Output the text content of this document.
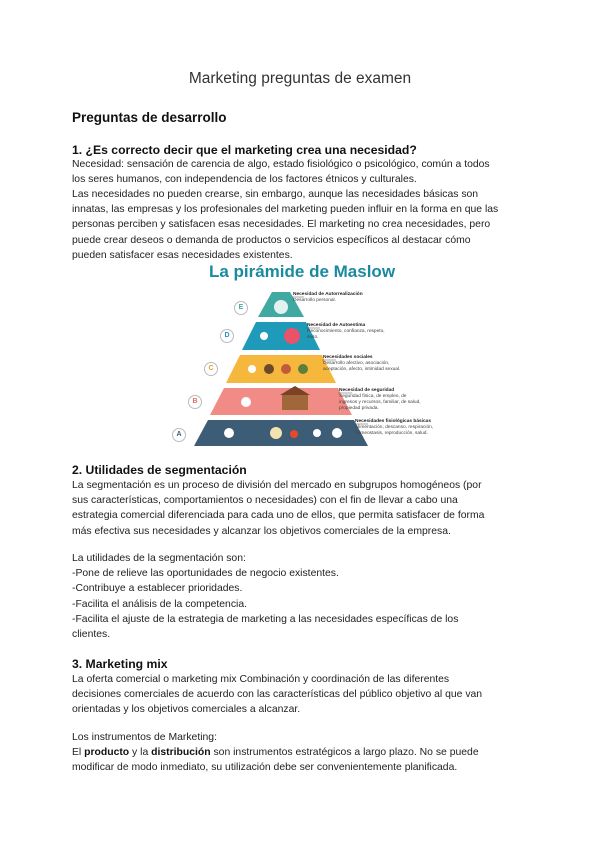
Marketing preguntas de examen
Preguntas de desarrollo
1. ¿Es correcto decir que el marketing crea una necesidad?

Necesidad: sensación de carencia de algo, estado fisiológico o psicológico, común a todos
los seres humanos, con independencia de los factores étnicos y culturales.

Las necesidades no pueden crearse, sin embargo, aunque las necesidades básicas son
innatas, las empresas y los profesionales del marketing pueden influir en la forma en que las
personas perciben y satisfacen esas necesidades. El marketing no crea necesidades, pero
puede crear deseos o demanda de productos o servicios específicos al destacar cómo
pueden satisfacer esas necesidades existentes.

La pirámide de Maslow
E
D
C
B
A
Necesidad de Autorrealización
Desarrollo personal.
Necesidad de Autoestima
Reconocimiento, confianza, respeto, éxito.
Necesidades sociales
Desarrollo afectivo, asociación, aceptación, afecto, intimidad sexual.
Necesidad de seguridad
Seguridad física, de empleo, de ingresos y recursos, familiar, de salud, propiedad privada.
Necesidades fisiológicas básicas
Alimentación, descanso, respiración, homeostasis, reproducción, salud.
2. Utilidades de segmentación

La segmentación es un proceso de división del mercado en subgrupos homogéneos (por
sus características, comportamientos o necesidades) con el fin de llevar a cabo una
estrategia comercial diferenciada para cada uno de ellos, que permita satisfacer de forma
más efectiva sus necesidades y alcanzar los objetivos comerciales de la empresa.

La utilidades de la segmentación son:
-Pone de relieve las oportunidades de negocio existentes.
-Contribuye a establecer prioridades.
-Facilita el análisis de la competencia.

-Facilita el ajuste de la estrategia de marketing a las necesidades específicas de los
clientes.

3. Marketing mix

La oferta comercial o marketing mix Combinación y coordinación de las diferentes
decisiones comerciales de acuerdo con las características del público objetivo al que van
orientadas y los objetivos comerciales a alcanzar.

Los instrumentos de Marketing:

El producto y la distribución son instrumentos estratégicos a largo plazo. No se puede
modificar de modo inmediato, su utilización debe ser convenientemente planificada.
